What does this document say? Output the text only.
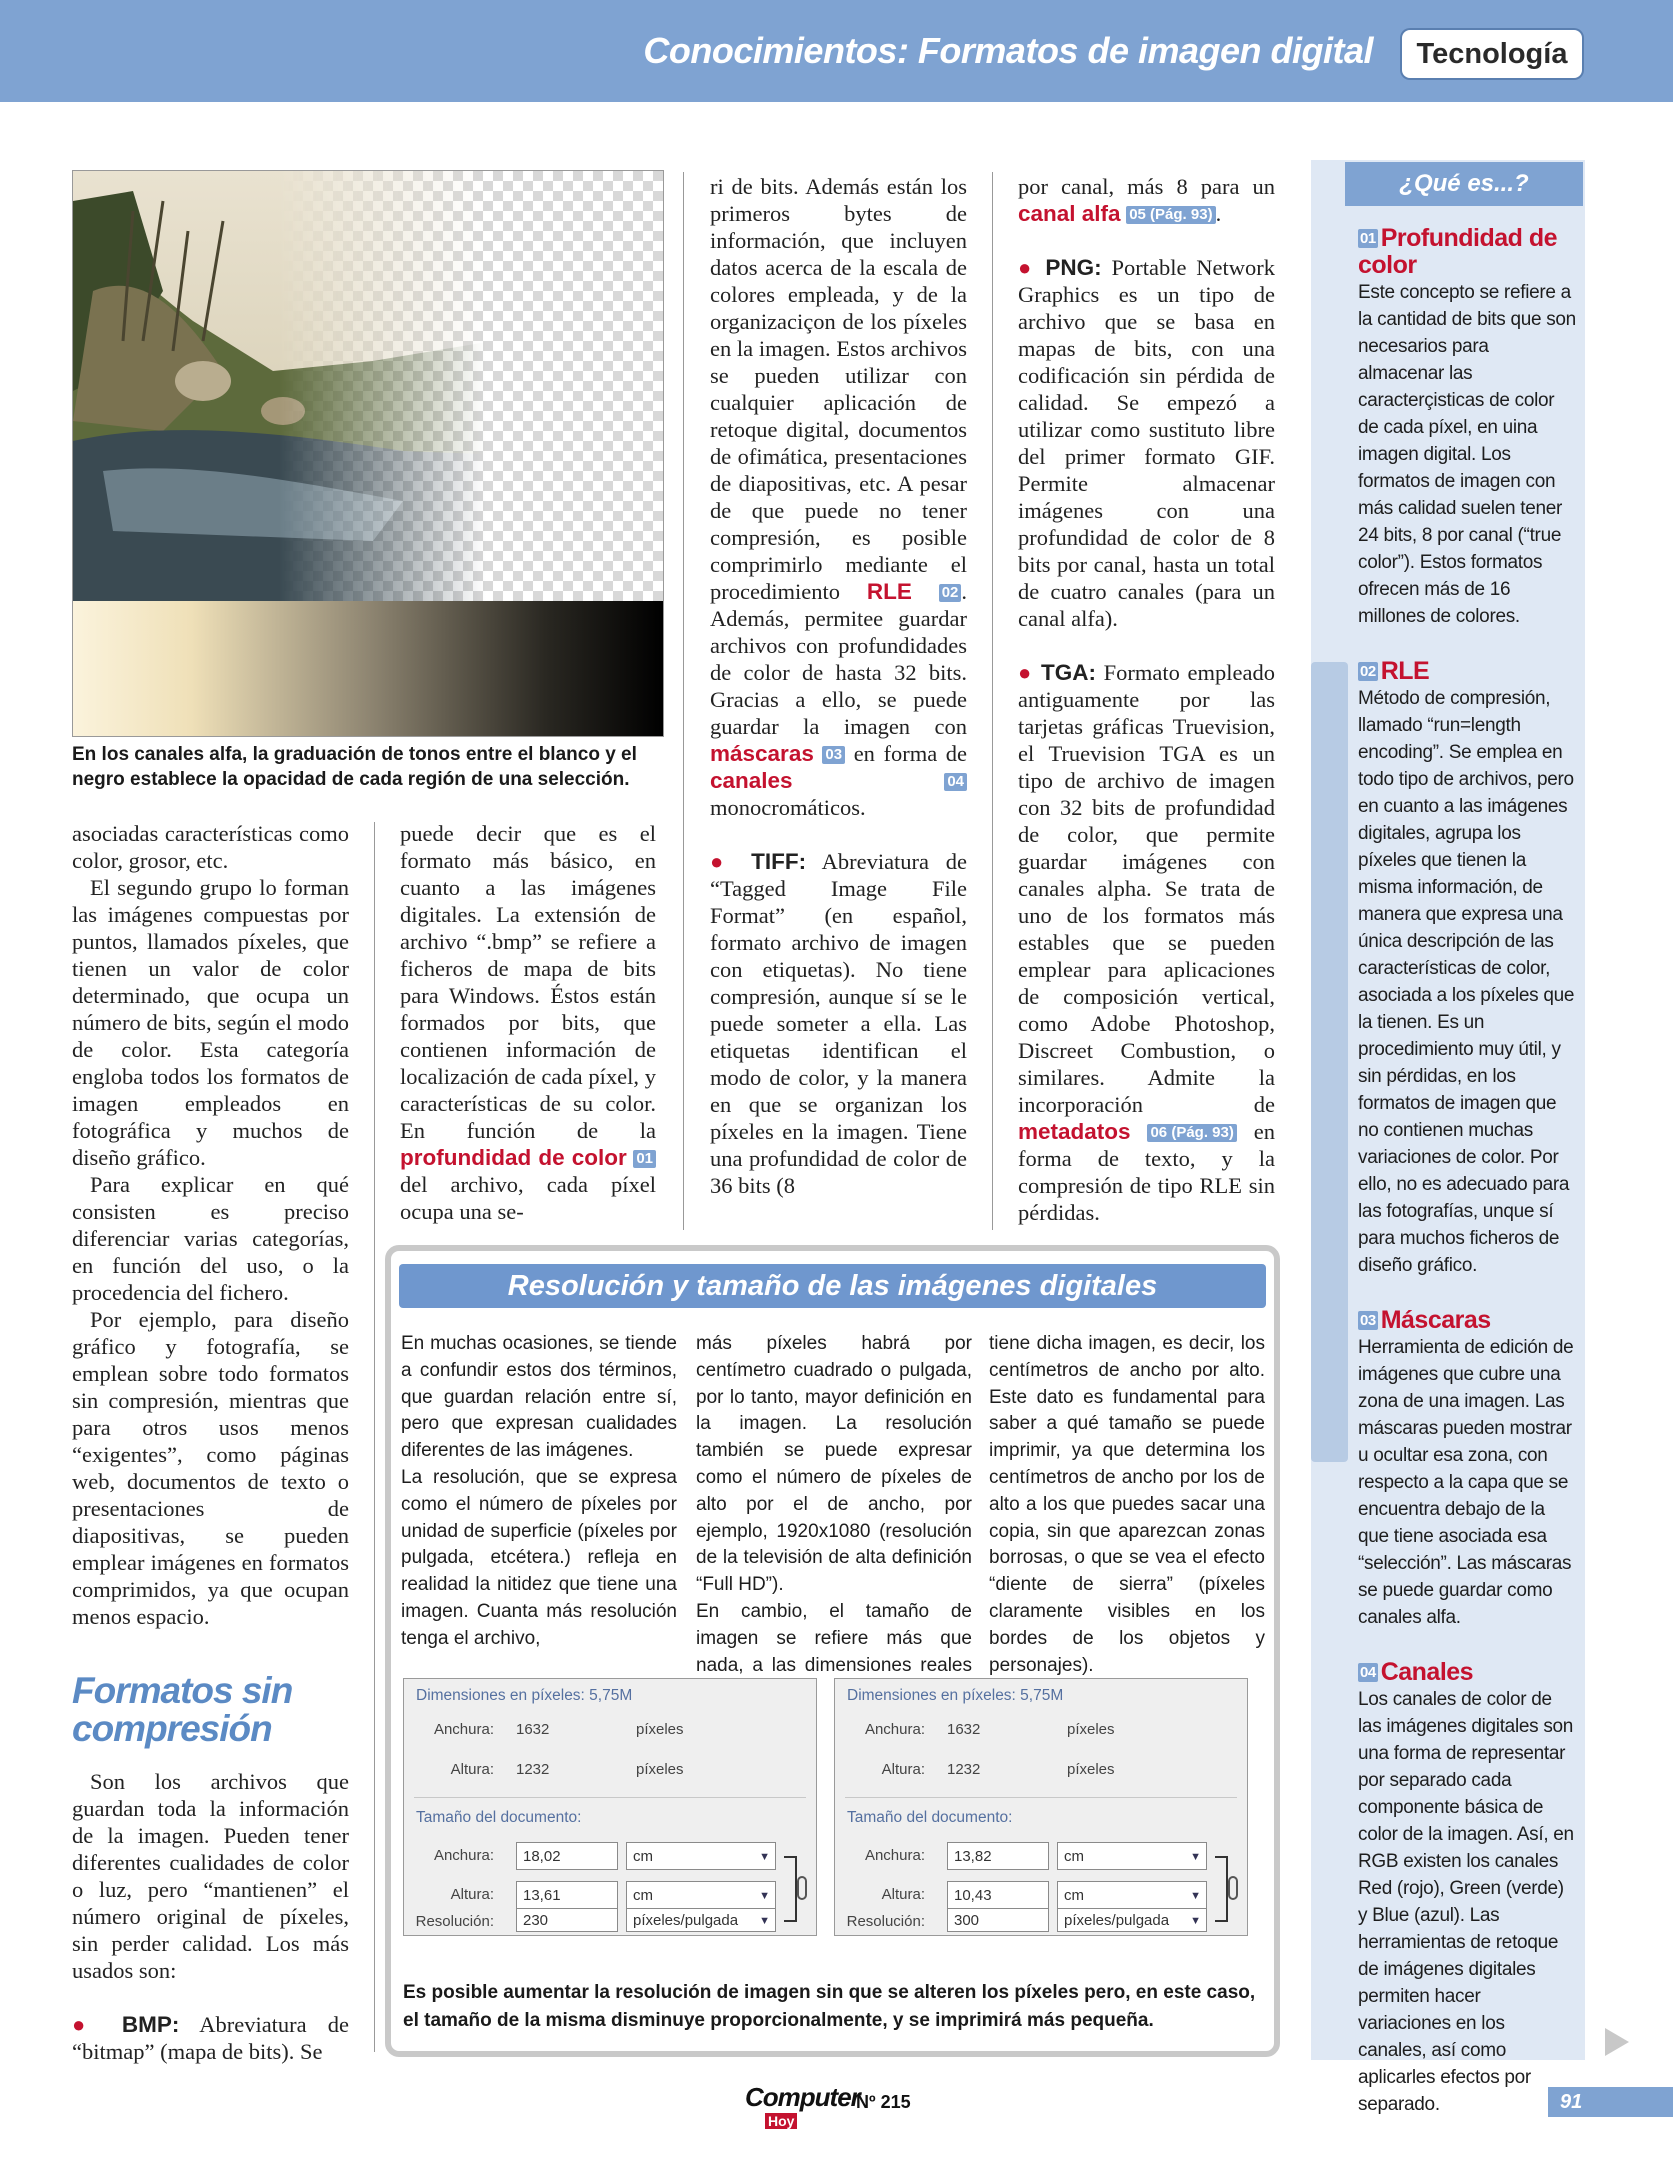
Conocimientos: Formatos de imagen digital	Tecnología
En los canales alfa, la graduación de tonos entre el blanco y el negro establece la opacidad de cada región de una selección.

asociadas características como color, grosor, etc.

El segundo grupo lo forman las imágenes compuestas por puntos, llamados píxeles, que tienen un valor de color determinado, que ocupa un número de bits, según el modo de color. Esta categoría engloba todos los formatos de imagen empleados en fotográfica y muchos de diseño gráfico.

Para explicar en qué consisten es preciso diferenciar varias categorías, en función del uso, o la procedencia del fichero.

Por ejemplo, para diseño gráfico y fotografía, se emplean sobre todo formatos sin compresión, mientras que para otros usos menos “exigentes”, como páginas web, documentos de texto o presentaciones de diapositivas, se pueden emplear imágenes en formatos comprimidos, ya que ocupan menos espacio.

Formatos sin compresión

Son los archivos que guardan toda la información de la imagen. Pueden tener diferentes cualidades de color o luz, pero “mantienen” el número original de píxeles, sin perder calidad. Los más usados son:

● BMP: Abreviatura de “bitmap” (mapa de bits). Se

puede decir que es el formato más básico, en cuanto a las imágenes digitales. La extensión de archivo “.bmp” se refiere a ficheros de mapa de bits para Windows. Éstos están formados por bits, que contienen información de localización de cada píxel, y características de su color. En función de la profundidad de color 01 del archivo, cada píxel ocupa una se-

ri de bits. Además están los primeros bytes de información, que incluyen datos acerca de la escala de colores empleada, y de la organizaciçon de los píxeles en la imagen. Estos archivos se pueden utilizar con cualquier aplicación de retoque digital, documentos de ofimática, presentaciones de diapositivas, etc. A pesar de que puede no tener compresión, es posible comprimirlo mediante el procedimiento RLE 02 . Además, permitee guardar archivos con profundidades de color de hasta 32 bits. Gracias a ello, se puede guardar la imagen con máscaras 03 en forma de canales	04 monocromáticos.

● TIFF: Abreviatura de “Tagged Image File Format” (en español, formato archivo de imagen con etiquetas). No tiene compresión, aunque sí se le puede someter a ella. Las etiquetas identifican el modo de color, y la manera en que se organizan los píxeles en la imagen. Tiene una profundidad de color de 36 bits (8

por canal, más 8 para un canal alfa 05 (Pág. 93) .

● PNG: Portable Network Graphics es un tipo de archivo que se basa en mapas de bits, con una codificación sin pérdida de calidad. Se empezó a utilizar como sustituto libre del primer formato GIF. Permite almacenar imágenes con una profundidad de color de 8 bits por canal, hasta un total de cuatro canales (para un canal alfa).

● TGA: Formato empleado antiguamente por las tarjetas gráficas Truevision, el Truevision TGA es un tipo de archivo de imagen con 32 bits de profundidad de color, que permite guardar imágenes con canales alpha. Se trata de uno de los formatos más estables que se pueden emplear para aplicaciones de composición vertical, como Adobe Photoshop, Discreet Combustion, o similares. Admite la incorporación de metadatos 06 (Pág. 93) en forma de texto, y la compresión de tipo RLE sin pérdidas.

Resolución y tamaño de las imágenes digitales

En muchas ocasiones, se tiende a confundir estos dos términos, que guardan relación entre sí, pero que expresan cualidades diferentes de las imágenes.

La resolución, que se expresa como el número de píxeles por unidad de superficie (píxeles por pulgada, etcétera.) refleja en realidad la nitidez que tiene una imagen. Cuanta más resolución tenga el archivo,

más píxeles habrá por centímetro cuadrado o pulgada, por lo tanto, mayor definición en la imagen. La resolución también se puede expresar como el número de píxeles de alto por el de ancho, por ejemplo, 1920x1080 (resolución de la televisión de alta definición “Full HD”).

En cambio, el tamaño de imagen se refiere más que nada, a las dimensiones reales

tiene dicha imagen, es decir, los centímetros de ancho por alto. Este dato es fundamental para saber a qué tamaño se puede imprimir, ya que determina los centímetros de ancho por los de alto a los que puedes sacar una copia, sin que aparezcan zonas borrosas, o que se vea el efecto “diente de sierra” (píxeles claramente visibles en los bordes de los objetos y personajes).

Dimensiones en píxeles: 5,75M
Anchura: 1632	píxeles
Altura: 1232	píxeles
Tamaño del documento:
Anchura:	18,02	cm	▼
Altura:	13,61	cm	▼
Resolución:	230	píxeles/pulgada ▼
Dimensiones en píxeles: 5,75M
Anchura: 1632	píxeles
Altura: 1232	píxeles
Tamaño del documento:
Anchura:	13,82	cm	▼
Altura:	10,43	cm	▼
Resolución:	300	píxeles/pulgada ▼
Es posible aumentar la resolución de imagen sin que se alteren los píxeles pero, en este caso, el tamaño de la misma disminuye proporcionalmente, y se imprimirá más pequeña.
¿Qué es...?
01 Profundidad de color
Este concepto se refiere a la cantidad de bits que son necesarios para almacenar las caracterçisticas de color de cada píxel, en uina imagen digital. Los formatos de imagen con más calidad suelen tener 24 bits, 8 por canal (“true color”). Estos formatos ofrecen más de 16 millones de colores.
02 RLE
Método de compresión, llamado “run=length encoding”. Se emplea en todo tipo de archivos, pero en cuanto a las imágenes digitales, agrupa los píxeles que tienen la misma información, de manera que expresa una única descripción de las características de color, asociada a los píxeles que la tienen. Es un procedimiento muy útil, y sin pérdidas, en los formatos de imagen que no contienen muchas variaciones de color. Por ello, no es adecuado para las fotografías, unque sí para muchos ficheros de diseño gráfico.
03 Máscaras
Herramienta de edición de imágenes que cubre una zona de una imagen. Las máscaras pueden mostrar u ocultar esa zona, con respecto a la capa que se encuentra debajo de la que tiene asociada esa “selección”. Las máscaras se puede guardar como canales alfa.
04 Canales
Los canales de color de las imágenes digitales son una forma de representar por separado cada componente básica de color de la imagen. Así, en RGB existen los canales Red (rojo), Green (verde) y Blue (azul). Las herramientas de retoque de imágenes digitales permiten hacer variaciones en los canales, así como aplicarles efectos por separado.
Computer
Hoy
Nº 215	91
